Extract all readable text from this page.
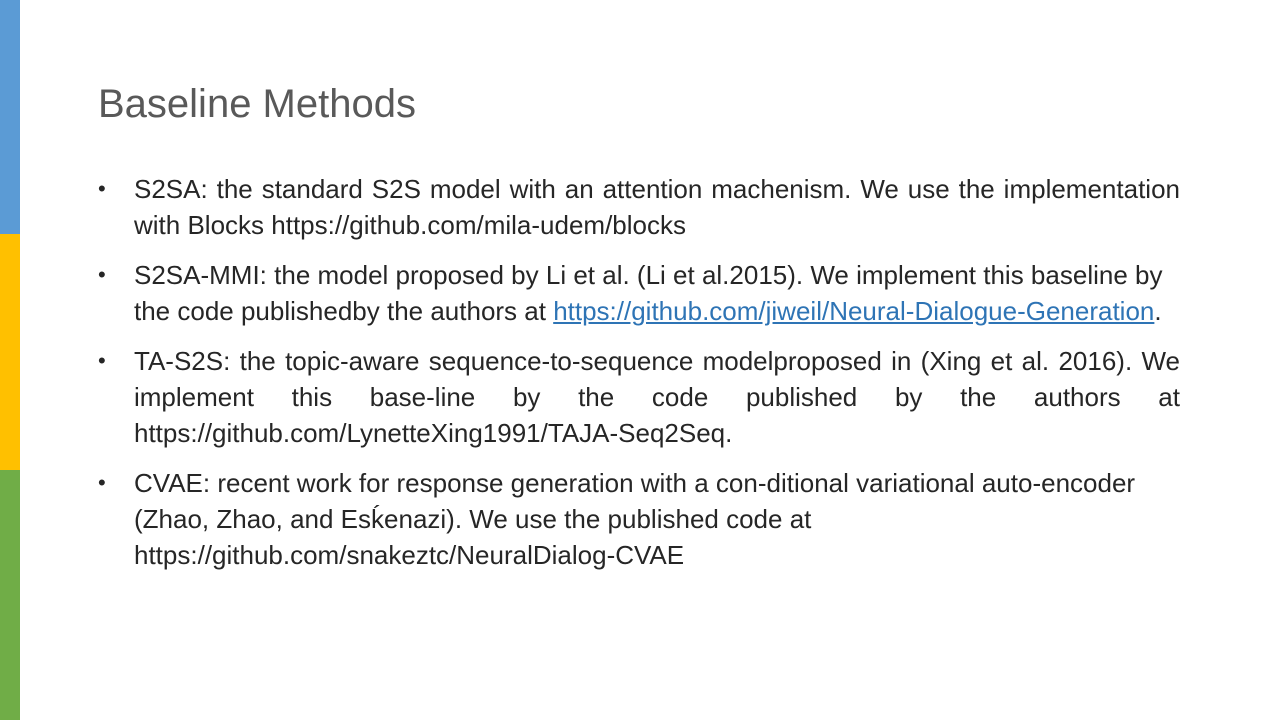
Baseline Methods
• S2SA: the standard S2S model with an attention machenism. We use the implementation with Blocks https://github.com/mila-udem/blocks
• S2SA-MMI: the model proposed by Li et al. (Li et al.2015). We implement this baseline by the code publishedby the authors at https://github.com/jiweil/Neural-Dialogue-Generation.
• TA-S2S: the topic-aware sequence-to-sequence modelproposed in (Xing et al. 2016). We implement this base-line by the code published by the authors at https://github.com/LynetteXing1991/TAJA-Seq2Seq.
• CVAE: recent work for response generation with a con-ditional variational auto-encoder (Zhao, Zhao, and Esḱenazi). We use the published code at https://github.com/snakeztc/NeuralDialog-CVAE
